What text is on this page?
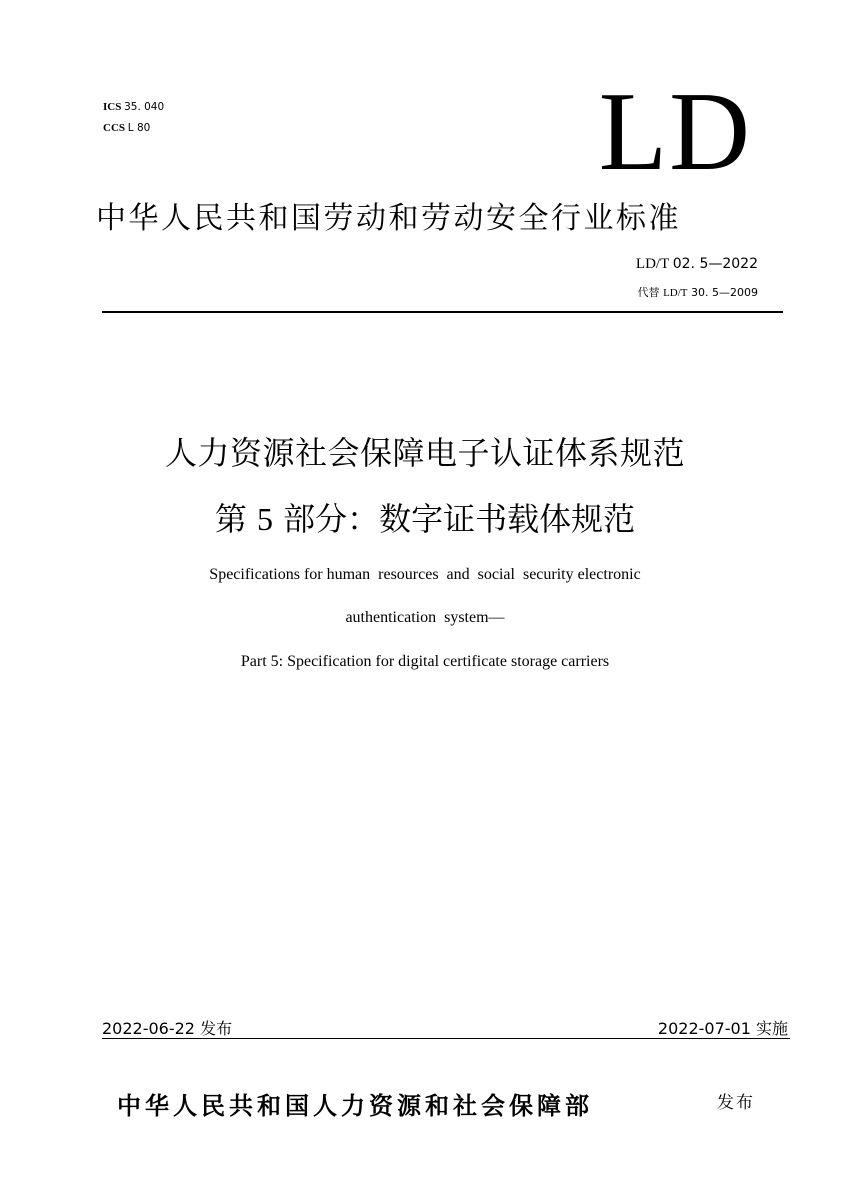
ICS 35. 040
CCS L 80	LD
中华人民共和国劳动和劳动安全行业标准
LD/T 02. 5—2022
代替 LD/T 30. 5—2009
人力资源社会保障电子认证体系规范
第 5 部分：数字证书载体规范
Specifications for human  resources  and  social  security electronic
authentication  system—
Part 5: Specification for digital certificate storage carriers
2022-06-22 发布	2022-07-01 实施
中华人民共和国人力资源和社会保障部	发布
